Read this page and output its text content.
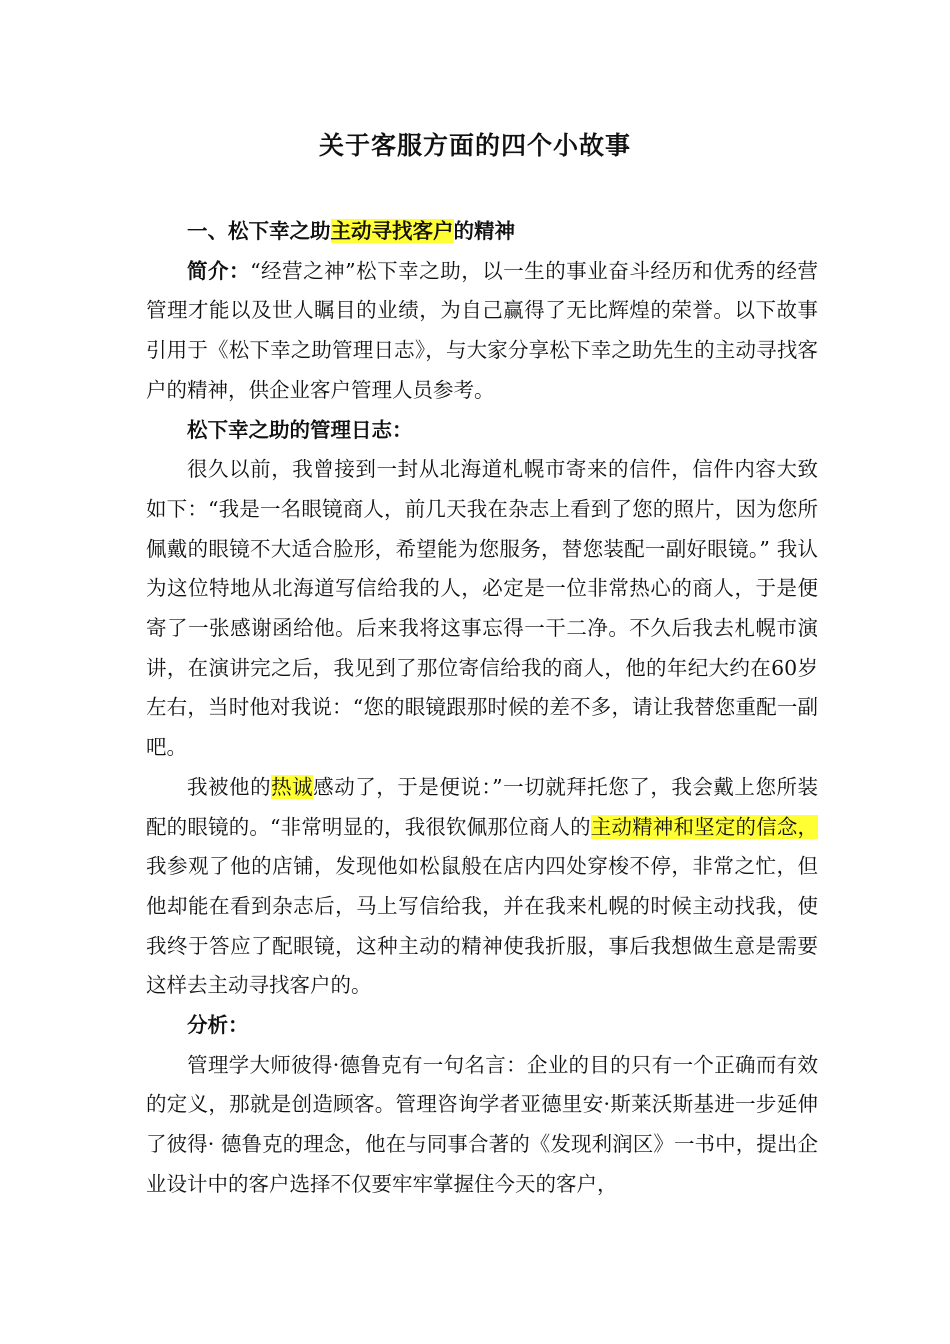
关于客服方面的四个小故事

一、松下幸之助主动寻找客户的精神

简介：“经营之神”松下幸之助，以一生的事业奋斗经历和优秀的经营管理才能以及世人瞩目的业绩，为自己赢得了无比辉煌的荣誉。以下故事引用于《松下幸之助管理日志》，与大家分享松下幸之助先生的主动寻找客户的精神，供企业客户管理人员参考。

松下幸之助的管理日志：

很久以前，我曾接到一封从北海道札幌市寄来的信件，信件内容大致如下：“我是一名眼镜商人，前几天我在杂志上看到了您的照片，因为您所佩戴的眼镜不大适合脸形，希望能为您服务，替您装配一副好眼镜。” 我认为这位特地从北海道写信给我的人，必定是一位非常热心的商人，于是便寄了一张感谢函给他。后来我将这事忘得一干二净。不久后我去札幌市演讲，在演讲完之后，我见到了那位寄信给我的商人，他的年纪大约在60岁左右，当时他对我说：“您的眼镜跟那时候的差不多，请让我替您重配一副吧。

我被他的热诚感动了，于是便说：”一切就拜托您了，我会戴上您所装配的眼镜的。“非常明显的，我很钦佩那位商人的主动精神和坚定的信念，我参观了他的店铺，发现他如松鼠般在店内四处穿梭不停，非常之忙，但他却能在看到杂志后，马上写信给我，并在我来札幌的时候主动找我，使我终于答应了配眼镜，这种主动的精神使我折服，事后我想做生意是需要这样去主动寻找客户的。

分析：

管理学大师彼得·德鲁克有一句名言：企业的目的只有一个正确而有效的定义，那就是创造顾客。管理咨询学者亚德里安·斯莱沃斯基进一步延伸了彼得· 德鲁克的理念，他在与同事合著的《发现利润区》一书中，提出企业设计中的客户选择不仅要牢牢掌握住今天的客户，
